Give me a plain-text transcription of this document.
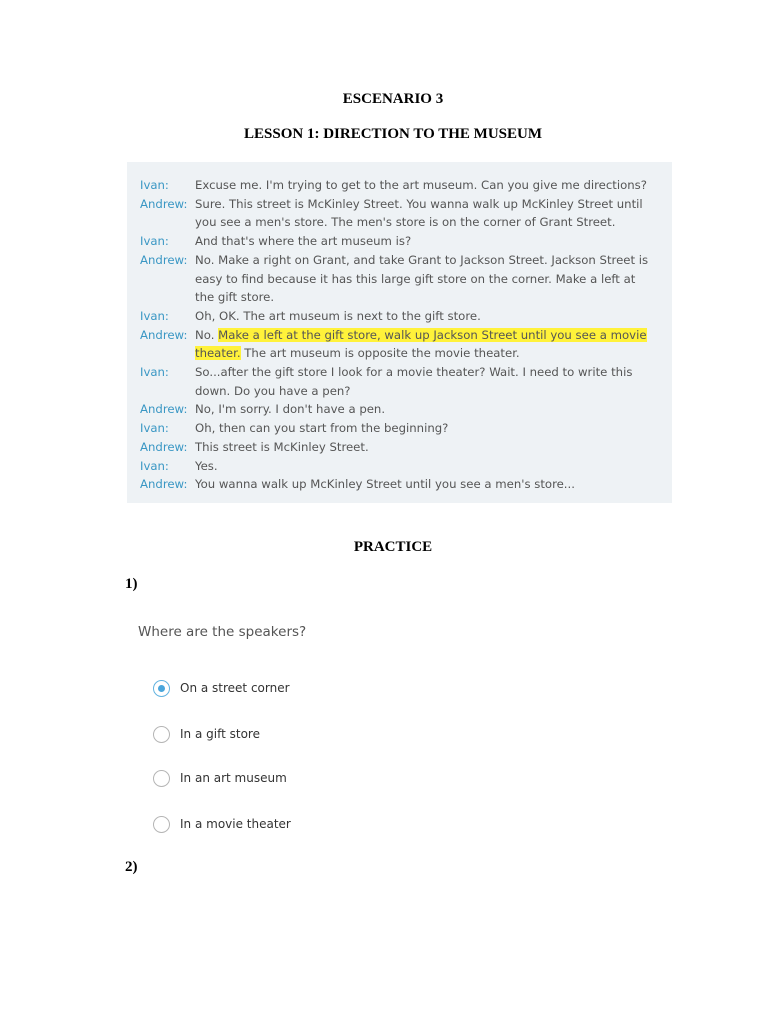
ESCENARIO 3
LESSON 1: DIRECTION TO THE MUSEUM
Ivan:	Excuse me. I'm trying to get to the art museum. Can you give me directions?
Andrew: Sure. This street is McKinley Street. You wanna walk up McKinley Street until you see a men's store. The men's store is on the corner of Grant Street.
Ivan:	And that's where the art museum is?
Andrew: No. Make a right on Grant, and take Grant to Jackson Street. Jackson Street is easy to find because it has this large gift store on the corner. Make a left at the gift store.
Ivan:	Oh, OK. The art museum is next to the gift store.
Andrew: No. Make a left at the gift store, walk up Jackson Street until you see a movie theater. The art museum is opposite the movie theater.
Ivan:	So...after the gift store I look for a movie theater? Wait. I need to write this down. Do you have a pen?
Andrew: No, I'm sorry. I don't have a pen.
Ivan:	Oh, then can you start from the beginning?
Andrew: This street is McKinley Street.
Ivan:	Yes.
Andrew: You wanna walk up McKinley Street until you see a men's store...
PRACTICE
1)
Where are the speakers?
On a street corner
In a gift store
In an art museum
In a movie theater
2)
